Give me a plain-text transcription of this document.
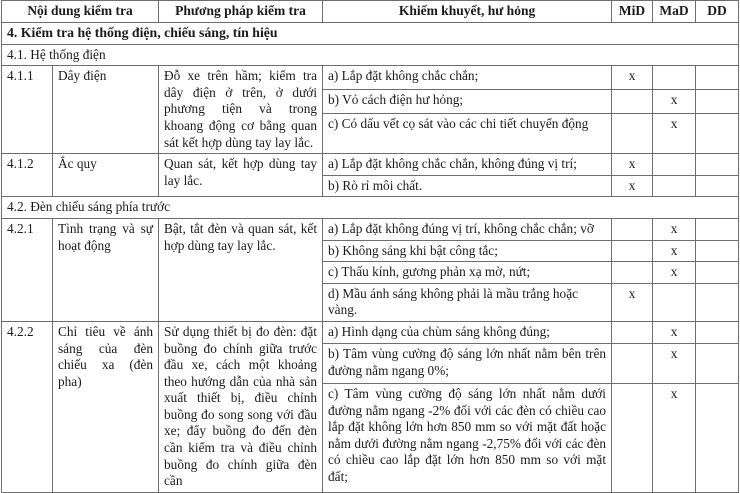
Nội dung kiểm tra		Phương pháp kiểm tra	Khiếm khuyết, hư hỏng	MiD	MaD	DD
4. Kiểm tra hệ thống điện, chiếu sáng, tín hiệu						
4.1. Hệ thống điện						
4.1.1	Dây điện	Đỗ xe trên hầm; kiểm tra dây điện ở trên, ở dưới phương tiện và trong khoang động cơ bằng quan sát kết hợp dùng tay lay lắc.	a) Lắp đặt không chắc chắn;	x		
			b) Vỏ cách điện hư hỏng;		x	
			c) Có dấu vết cọ sát vào các chi tiết chuyển động		x	
4.1.2	Ắc quy	Quan sát, kết hợp dùng tay lay lắc.	a) Lắp đặt không chắc chắn, không đúng vị trí;	x		
			b) Rò rỉ môi chất.	x		
4.2. Đèn chiếu sáng phía trước						
4.2.1	Tình trạng và sự hoạt động	Bật, tắt đèn và quan sát, kết hợp dùng tay lay lắc.	a) Lắp đặt không đúng vị trí, không chắc chắn; vỡ		x	
			b) Không sáng khi bật công tắc;		x	
			c) Thấu kính, gương phản xạ mờ, nứt;		x	
			d) Mầu ánh sáng không phải là mầu trắng hoặc vàng.	x		
4.2.2	Chỉ tiêu về ánh sáng của đèn chiếu xa (đèn pha)	Sử dụng thiết bị đo đèn: đặt buồng đo chính giữa trước đầu xe, cách một khoảng theo hướng dẫn của nhà sản xuất thiết bị, điều chỉnh buồng đo song song với đầu xe; đẩy buồng đo đến đèn cần kiểm tra và điều chỉnh buồng đo chính giữa đèn cần	a) Hình dạng của chùm sáng không đúng;		x	
			b) Tâm vùng cường độ sáng lớn nhất nằm bên trên đường nằm ngang 0%;		x	
			c) Tâm vùng cường độ sáng lớn nhất nằm dưới đường nằm ngang -2% đối với các đèn có chiều cao lắp đặt không lớn hơn 850 mm so với mặt đất hoặc nằm dưới đường nằm ngang -2,75% đối với các đèn có chiều cao lắp đặt lớn hơn 850 mm so với mặt đất;		x	
